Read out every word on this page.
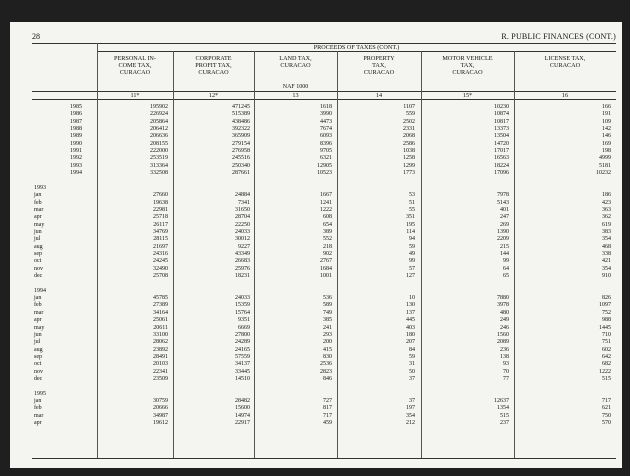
28	R. PUBLIC FINANCES (CONT.)
PROCEEDS OF TAXES (CONT.)
PERSONAL IN-
COME TAX,
CURACAO
CORPORATE
PROFIT TAX,
CURACAO
LAND TAX,
CURACAO
PROPERTY
TAX,
CURACAO
MOTOR VEHICLE
TAX,
CURACAO
LICENSE TAX,
CURACAO
NAF 1000
11*	12*	13	14	15*	16
1985	195902	471245	1618	1107	10230	166
1986	226924	515389	3990	559	10874	191
1987	205864	438486	4473	2502	10817	109
1988	206412	392322	7674	2331	13373	142
1989	206636	365909	6093	2068	13504	146
1990	208155	279154	8396	2586	14720	169
1991	222000	276958	9705	1038	17017	198
1992	253519	245516	6321	1258	16563	4999
1993	313364	250340	12905	1299	18224	5181
1994	332508	287661	10523	1773	17096	10232
1993
jan	27660	24884	1667	53	7978	186
feb	19638	7341	1241	51	5143	423
mar	22981	31650	1222	55	401	363
apr	25718	28704	608	351	247	362
may	26117	22250	654	195	269	619
jun	34769	24033	389	114	1390	383
jul	28115	30012	552	94	2209	354
aug	21697	9227	218	59	215	468
sep	24316	43349	902	49	144	338
oct	24245	26683	2767	99	99	421
nov	32490	25976	1684	57	64	354
dec	25708	18231	1001	127	65	910
1994
jan	45785	24033	536	10	7880	826
feb	27389	15359	589	130	3978	1097
mar	34164	15764	749	137	480	752
apr	25061	9351	385	445	249	988
may	20611	6669	241	403	246	1445
jun	33100	27800	293	180	1560	710
jul	28062	24289	200	207	2089	751
aug	23892	24165	415	84	236	602
sep	28491	57559	830	59	138	642
oct	20103	34137	2536	31	93	682
nov	22341	33445	2823	50	70	1222
dec	23509	14510	846	37	77	515
1995
jan	30759	28482	727	37	12637	717
feb	20666	15600	817	197	1354	621
mar	34987	14974	717	354	515	750
apr	19612	22917	459	212	237	570
